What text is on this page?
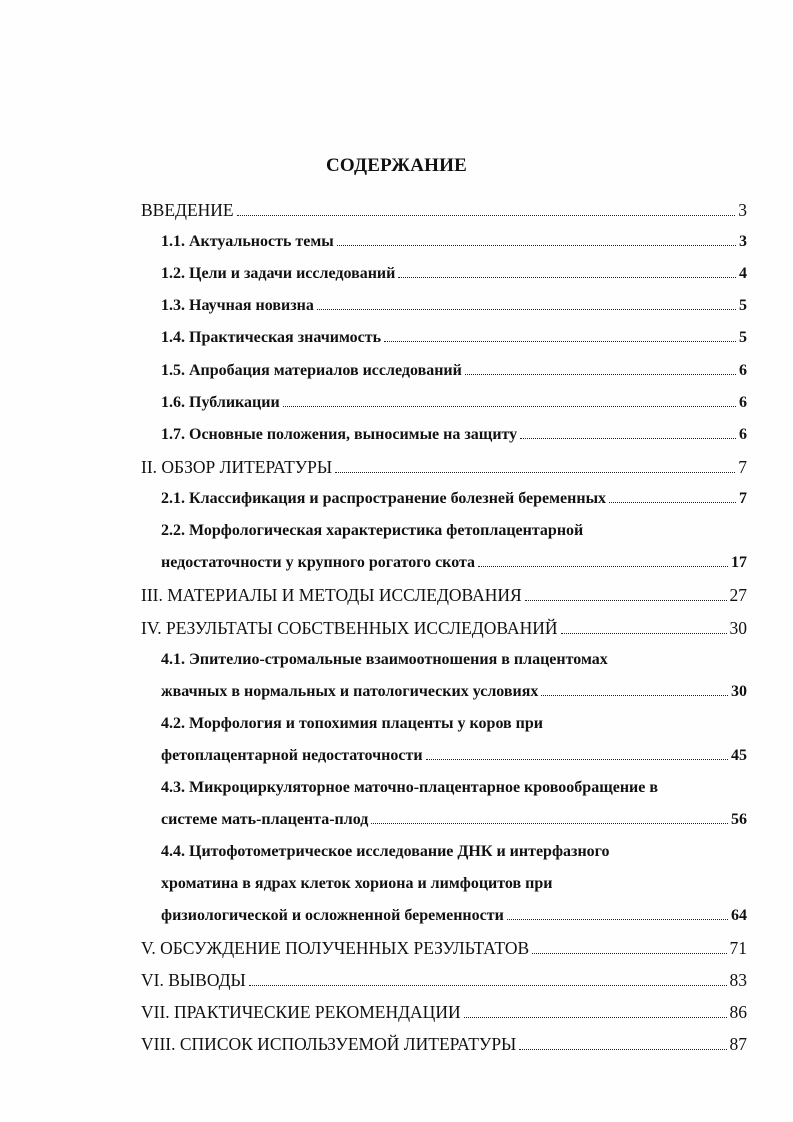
СОДЕРЖАНИЕ
ВВЕДЕНИЕ	3
1.1. Актуальность темы	3
1.2. Цели и задачи исследований	4
1.3. Научная новизна	5
1.4. Практическая значимость	5
1.5. Апробация материалов исследований	6
1.6. Публикации	6
1.7. Основные положения, выносимые на защиту	6
II. ОБЗОР ЛИТЕРАТУРЫ	7
2.1. Классификация и распространение болезней беременных	7
2.2. Морфологическая характеристика фетоплацентарной
недостаточности у крупного рогатого скота	17
III. МАТЕРИАЛЫ И МЕТОДЫ ИССЛЕДОВАНИЯ	27
IV. РЕЗУЛЬТАТЫ СОБСТВЕННЫХ ИССЛЕДОВАНИЙ	30
4.1. Эпителио-стромальные взаимоотношения в плацентомах
жвачных в нормальных и патологических условиях	30
4.2. Морфология и топохимия плаценты у коров при
фетоплацентарной недостаточности	45
4.3. Микроциркуляторное маточно-плацентарное кровообращение в
системе мать-плацента-плод	56
4.4. Цитофотометрическое исследование ДНК и интерфазного
хроматина в ядрах клеток хориона и лимфоцитов при
физиологической и осложненной беременности	64
V. ОБСУЖДЕНИЕ ПОЛУЧЕННЫХ РЕЗУЛЬТАТОВ	71
VI. ВЫВОДЫ	83
VII. ПРАКТИЧЕСКИЕ РЕКОМЕНДАЦИИ	86
VIII. СПИСОК ИСПОЛЬЗУЕМОЙ ЛИТЕРАТУРЫ	87
